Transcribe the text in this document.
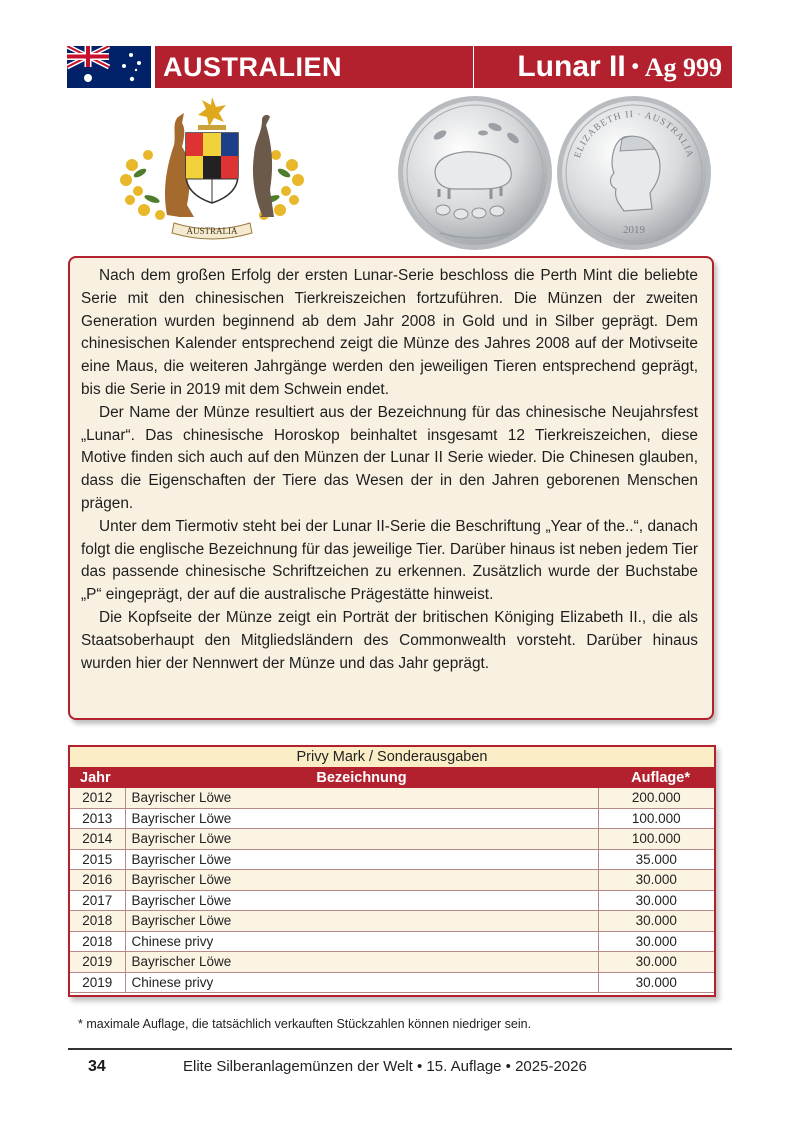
AUSTRALIEN	Lunar II • Ag 999
AUSTRALIA
ELIZABETH II · AUSTRALIA
2019

Nach dem großen Erfolg der ersten Lunar-Serie beschloss die Perth Mint die beliebte Serie mit den chinesischen Tierkreiszeichen fortzuführen. Die Münzen der zweiten Generation wurden beginnend ab dem Jahr 2008 in Gold und in Silber geprägt. Dem chinesischen Kalender entsprechend zeigt die Münze des Jahres 2008 auf der Motivseite eine Maus, die weiteren Jahrgänge werden den jeweiligen Tieren entsprechend geprägt, bis die Serie in 2019 mit dem Schwein endet.

Der Name der Münze resultiert aus der Bezeichnung für das chinesische Neujahrsfest „Lunar“. Das chinesische Horoskop beinhaltet insgesamt 12 Tierkreiszeichen, diese Motive finden sich auch auf den Münzen der Lunar II Serie wieder. Die Chinesen glauben, dass die Eigenschaften der Tiere das Wesen der in den Jahren geborenen Menschen prägen.

Unter dem Tiermotiv steht bei der Lunar II-Serie die Beschriftung „Year of the..“, danach folgt die englische Bezeichnung für das jeweilige Tier. Darüber hinaus ist neben jedem Tier das passende chinesische Schriftzeichen zu erkennen. Zusätzlich wurde der Buchstabe „P“ eingeprägt, der auf die australische Prägestätte hinweist.

Die Kopfseite der Münze zeigt ein Porträt der britischen Königing Elizabeth II., die als Staatsoberhaupt den Mitgliedsländern des Commonwealth vorsteht. Darüber hinaus wurden hier der Nennwert der Münze und das Jahr geprägt.

Privy Mark / Sonderausgaben
Jahr	Bezeichnung	Auflage*
2012	Bayrischer Löwe	200.000
2013	Bayrischer Löwe	100.000
2014	Bayrischer Löwe	100.000
2015	Bayrischer Löwe	35.000
2016	Bayrischer Löwe	30.000
2017	Bayrischer Löwe	30.000
2018	Bayrischer Löwe	30.000
2018	Chinese privy	30.000
2019	Bayrischer Löwe	30.000
2019	Chinese privy	30.000
* maximale Auflage, die tatsächlich verkauften Stückzahlen können niedriger sein.
34	Elite Silberanlagemünzen der Welt • 15. Auflage • 2025-2026
